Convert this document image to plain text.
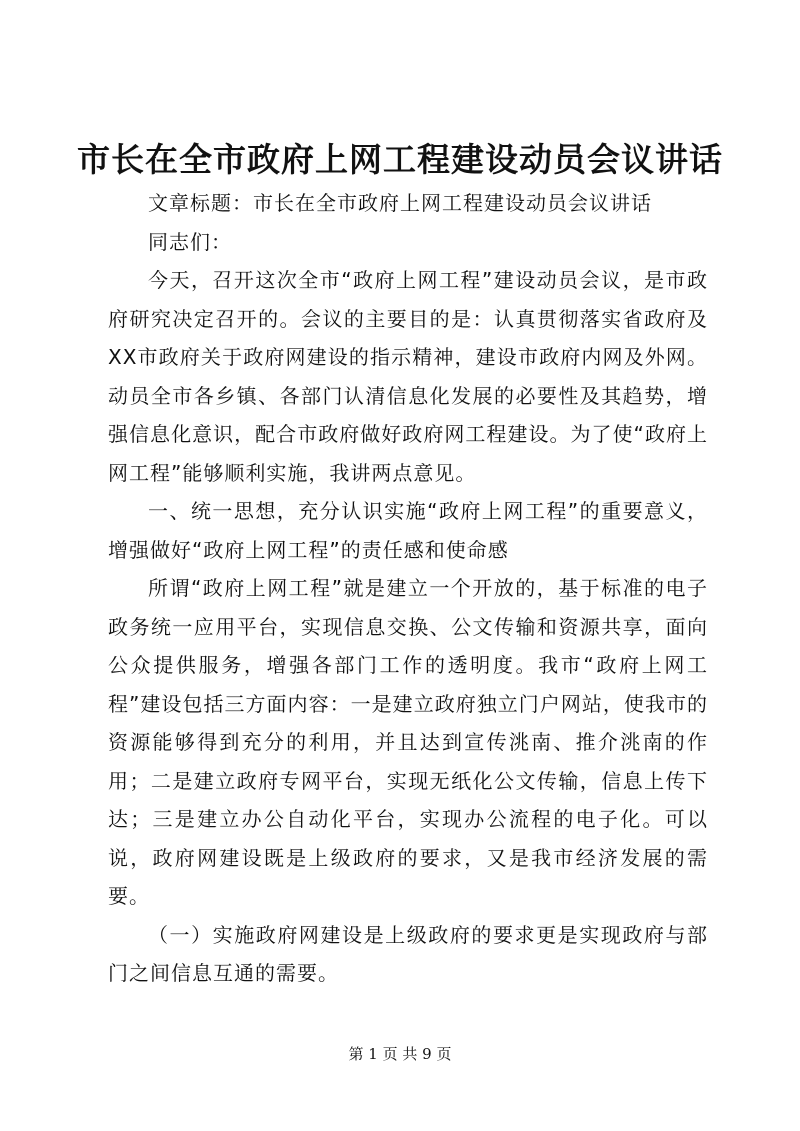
市长在全市政府上网工程建设动员会议讲话

文章标题：市长在全市政府上网工程建设动员会议讲话

同志们：

今天，召开这次全市“政府上网工程”建设动员会议，是市政府研究决定召开的。会议的主要目的是：认真贯彻落实省政府及XX市政府关于政府网建设的指示精神，建设市政府内网及外网。动员全市各乡镇、各部门认清信息化发展的必要性及其趋势，增强信息化意识，配合市政府做好政府网工程建设。为了使“政府上网工程”能够顺利实施，我讲两点意见。

一、统一思想，充分认识实施“政府上网工程”的重要意义，增强做好“政府上网工程”的责任感和使命感

所谓“政府上网工程”就是建立一个开放的，基于标准的电子政务统一应用平台，实现信息交换、公文传输和资源共享，面向公众提供服务，增强各部门工作的透明度。我市“政府上网工程”建设包括三方面内容：一是建立政府独立门户网站，使我市的资源能够得到充分的利用，并且达到宣传洮南、推介洮南的作用；二是建立政府专网平台，实现无纸化公文传输，信息上传下达；三是建立办公自动化平台，实现办公流程的电子化。可以说，政府网建设既是上级政府的要求，又是我市经济发展的需要。

（一）实施政府网建设是上级政府的要求更是实现政府与部门之间信息互通的需要。

第 1 页 共 9 页
